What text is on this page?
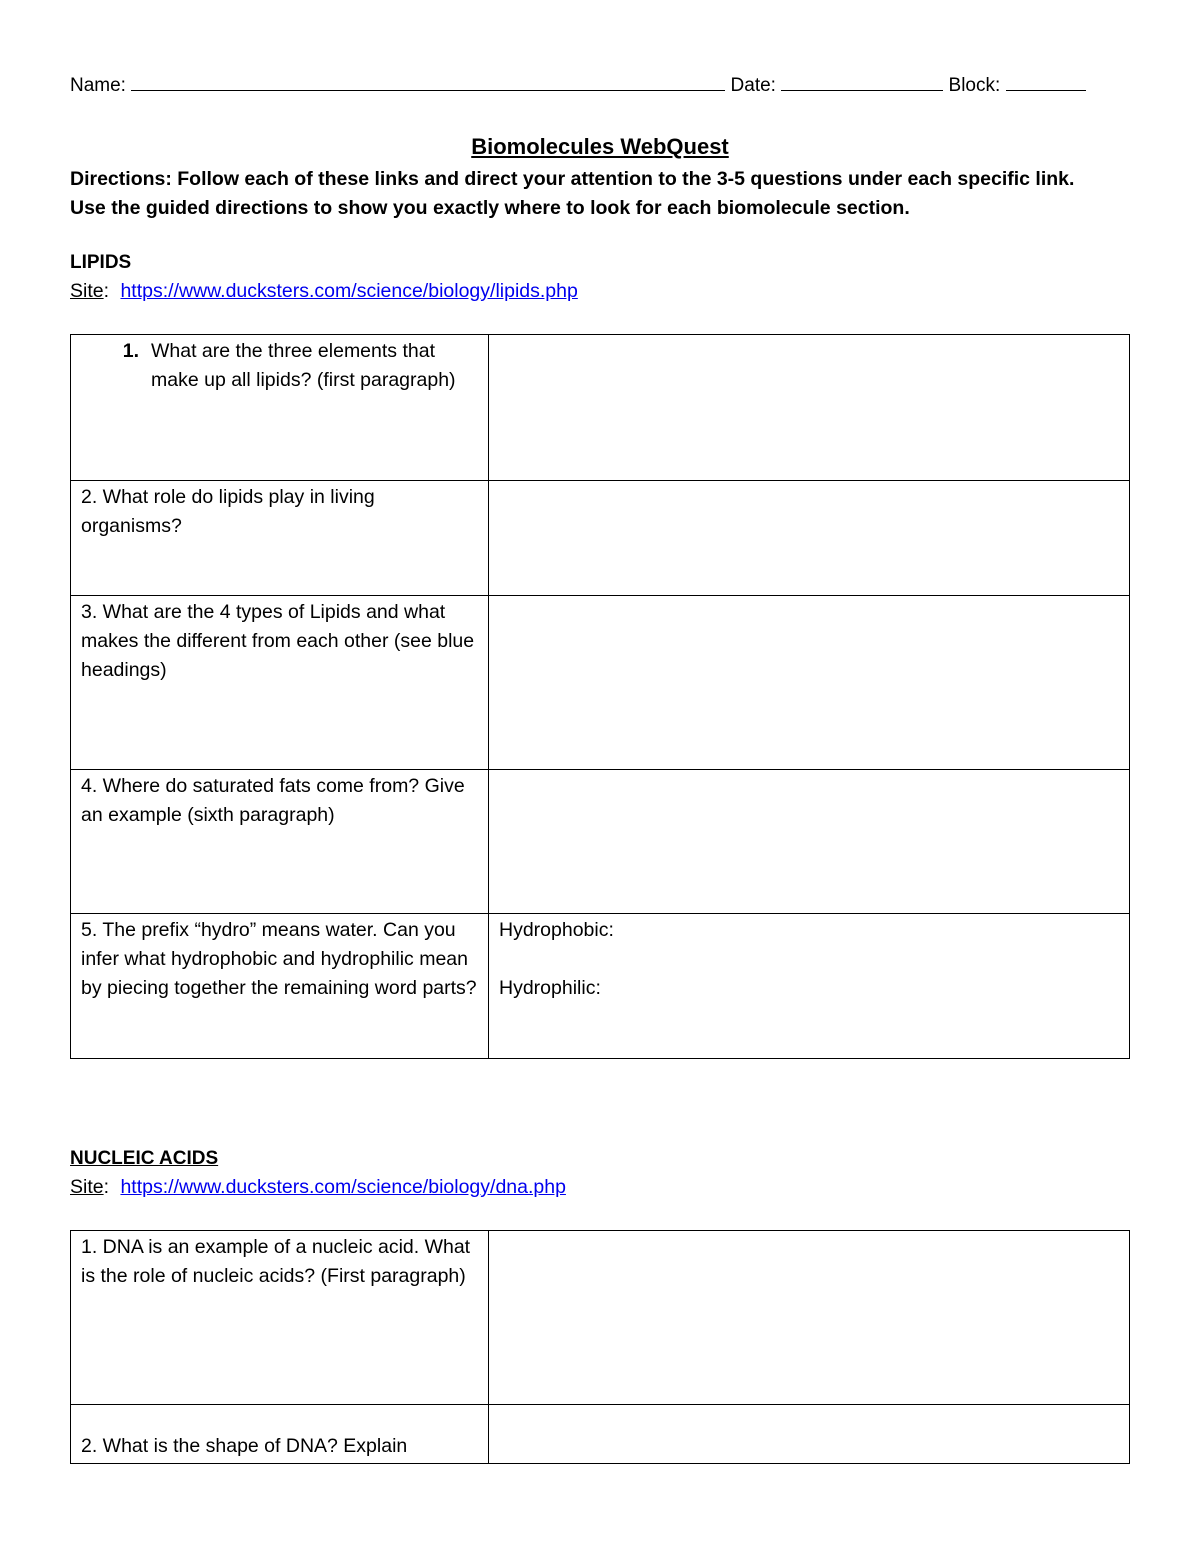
Name:	Date:	Block:
Biomolecules WebQuest
Directions: Follow each of these links and direct your attention to the 3-5 questions under each specific link.
Use the guided directions to show you exactly where to look for each biomolecule section.
LIPIDS
Site: https://www.ducksters.com/science/biology/lipids.php
1. What are the three elements that make up all lipids? (first paragraph)	

2. What role do lipids play in living organisms?	
3. What are the 4 types of Lipids and what makes the different from each other (see blue headings)	
4. Where do saturated fats come from? Give an example (sixth paragraph)	
5. The prefix “hydro” means water. Can you infer what hydrophobic and hydrophilic mean by piecing together the remaining word parts?	Hydrophobic:
Hydrophilic:
NUCLEIC ACIDS
Site: https://www.ducksters.com/science/biology/dna.php
1. DNA is an example of a nucleic acid. What is the role of nucleic acids? (First paragraph)	
2. What is the shape of DNA? Explain	
